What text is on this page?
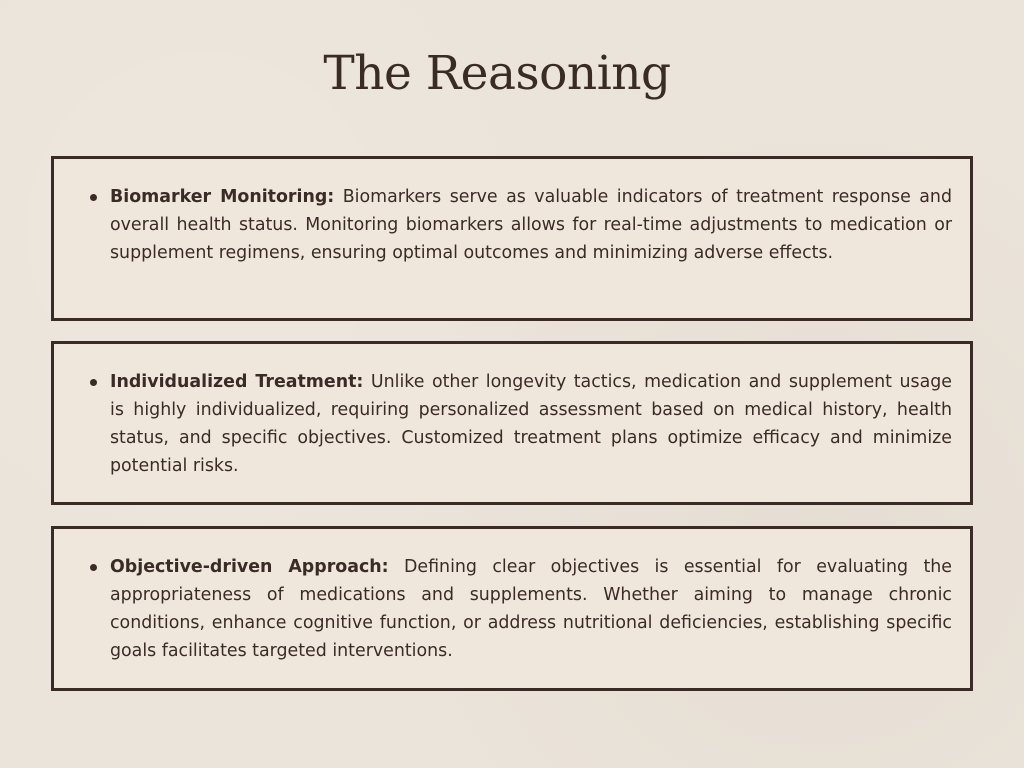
The Reasoning
Biomarker Monitoring: Biomarkers serve as valuable indicators of treatment response and overall health status. Monitoring biomarkers allows for real-time adjustments to medication or supplement regimens, ensuring optimal outcomes and minimizing adverse effects.
Individualized Treatment: Unlike other longevity tactics, medication and supplement usage is highly individualized, requiring personalized assessment based on medical history, health status, and specific objectives. Customized treatment plans optimize efficacy and minimize potential risks.
Objective-driven Approach: Defining clear objectives is essential for evaluating the appropriateness of medications and supplements. Whether aiming to manage chronic conditions, enhance cognitive function, or address nutritional deficiencies, establishing specific goals facilitates targeted interventions.
